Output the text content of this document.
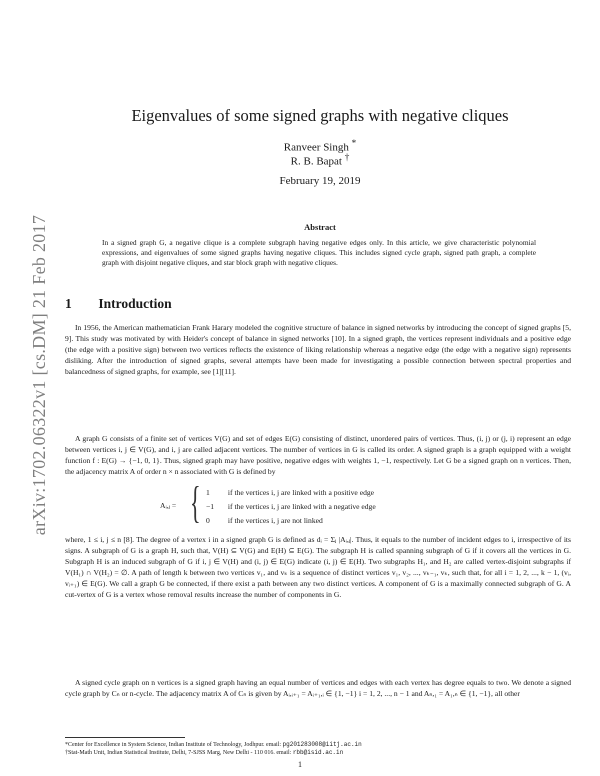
arXiv:1702.06322v1 [cs.DM] 21 Feb 2017
Eigenvalues of some signed graphs with negative cliques
Ranveer Singh *
R. B. Bapat †
February 19, 2019
Abstract
In a signed graph G, a negative clique is a complete subgraph having negative edges only. In this article, we give characteristic polynomial expressions, and eigenvalues of some signed graphs having negative cliques. This includes signed cycle graph, signed path graph, a complete graph with disjoint negative cliques, and star block graph with negative cliques.
1 Introduction
In 1956, the American mathematician Frank Harary modeled the cognitive structure of balance in signed networks by introducing the concept of signed graphs [5, 9]. This study was motivated by with Heider's concept of balance in signed networks [10]. In a signed graph, the vertices represent individuals and a positive edge (the edge with a positive sign) between two vertices reflects the existence of liking relationship whereas a negative edge (the edge with a negative sign) represents disliking. After the introduction of signed graphs, several attempts have been made for investigating a possible connection between spectral properties and balancedness of signed graphs, for example, see [1][11].
A graph G consists of a finite set of vertices V(G) and set of edges E(G) consisting of distinct, unordered pairs of vertices. Thus, (i, j) or (j, i) represent an edge between vertices i, j ∈ V(G), and i, j are called adjacent vertices. The number of vertices in G is called its order. A signed graph is a graph equipped with a weight function f : E(G) → {−1, 0, 1}. Thus, signed graph may have positive, negative edges with weights 1, −1, respectively. Let G be a signed graph on n vertices. Then, the adjacency matrix A of order n × n associated with G is defined by
Aᵢ,ⱼ = { 1 if the vertices i, j are linked with a positive edge
−1 if the vertices i, j are linked with a negative edge
0 if the vertices i, j are not linked
where, 1 ≤ i, j ≤ n [8]. The degree of a vertex i in a signed graph G is defined as dᵢ = Σⱼ |Aᵢ,ⱼ|. Thus, it equals to the number of incident edges to i, irrespective of its signs. A subgraph of G is a graph H, such that, V(H) ⊆ V(G) and E(H) ⊆ E(G). The subgraph H is called spanning subgraph of G if it covers all the vertices in G. Subgraph H is an induced subgraph of G if i, j ∈ V(H) and (i, j) ∈ E(G) indicate (i, j) ∈ E(H). Two subgraphs H₁, and H₂ are called vertex-disjoint subgraphs if V(H₁) ∩ V(H₂) = ∅. A path of length k between two vertices v₁, and vₖ is a sequence of distinct vertices v₁, v₂, ..., vₖ₋₁, vₖ, such that, for all i = 1, 2, ..., k − 1, (vᵢ, vᵢ₊₁) ∈ E(G). We call a graph G be connected, if there exist a path between any two distinct vertices. A component of G is a maximally connected subgraph of G. A cut-vertex of G is a vertex whose removal results increase the number of components in G.
A signed cycle graph on n vertices is a signed graph having an equal number of vertices and edges with each vertex has degree equals to two. We denote a signed cycle graph by Cₙ or n-cycle. The adjacency matrix A of Cₙ is given by Aᵢ,ᵢ₊₁ = Aᵢ₊₁,ᵢ ∈ {1, −1} i = 1, 2, ..., n − 1 and Aₙ,₁ = A₁,ₙ ∈ {1, −1}, all other
*Center for Excellence in System Science, Indian Institute of Technology, Jodhpur. email: pg201283008@iitj.ac.in
†Stat-Math Unit, Indian Statistical Institute, Delhi, 7-SJSS Marg, New Delhi - 110 016. email: rbb@isid.ac.in
1
